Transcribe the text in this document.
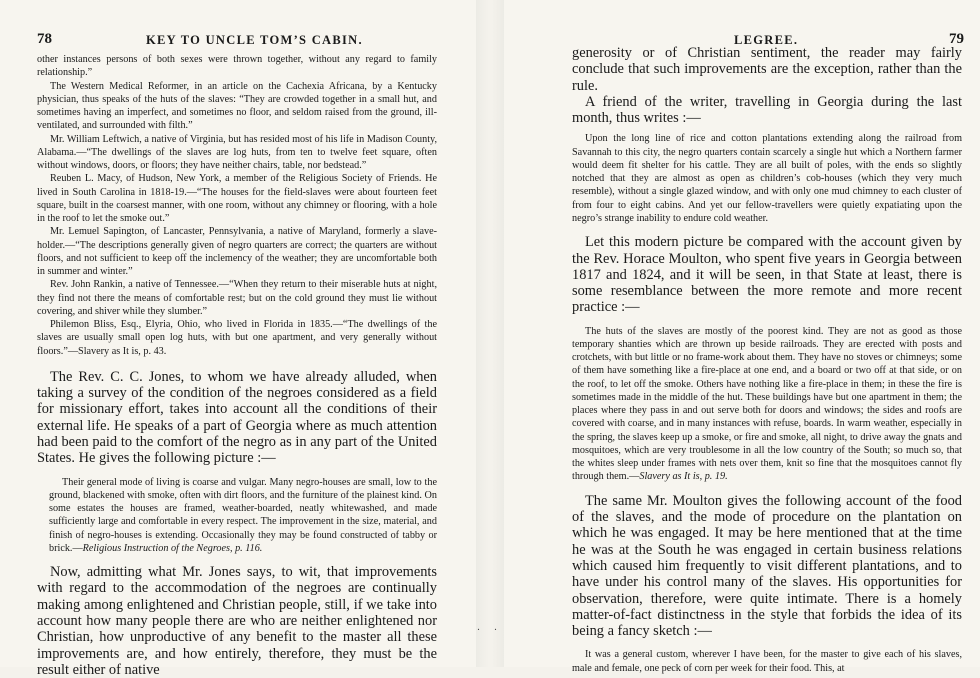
78	KEY TO UNCLE TOM’S CABIN.

other instances persons of both sexes were thrown together, without any regard to family relationship.”

The Western Medical Reformer, in an article on the Cachexia Africana, by a Kentucky physician, thus speaks of the huts of the slaves: “They are crowded together in a small hut, and sometimes having an imperfect, and sometimes no floor, and seldom raised from the ground, ill-ventilated, and surrounded with filth.”

Mr. William Leftwich, a native of Virginia, but has resided most of his life in Madison County, Alabama.—“The dwellings of the slaves are log huts, from ten to twelve feet square, often without windows, doors, or floors; they have neither chairs, table, nor bedstead.”

Reuben L. Macy, of Hudson, New York, a member of the Religious Society of Friends. He lived in South Carolina in 1818-19.—“The houses for the field-slaves were about fourteen feet square, built in the coarsest manner, with one room, without any chimney or flooring, with a hole in the roof to let the smoke out.”

Mr. Lemuel Sapington, of Lancaster, Pennsylvania, a native of Maryland, formerly a slave-holder.—“The descriptions generally given of negro quarters are correct; the quarters are without floors, and not sufficient to keep off the inclemency of the weather; they are uncomfortable both in summer and winter.”

Rev. John Rankin, a native of Tennessee.—“When they return to their miserable huts at night, they find not there the means of comfortable rest; but on the cold ground they must lie without covering, and shiver while they slumber.”

Philemon Bliss, Esq., Elyria, Ohio, who lived in Florida in 1835.—“The dwellings of the slaves are usually small open log huts, with but one apartment, and very generally without floors.”—Slavery as It is, p. 43.

The Rev. C. C. Jones, to whom we have already alluded, when taking a survey of the condition of the negroes considered as a field for missionary effort, takes into account all the conditions of their external life. He speaks of a part of Georgia where as much attention had been paid to the comfort of the negro as in any part of the United States. He gives the following picture :—

Their general mode of living is coarse and vulgar. Many negro-houses are small, low to the ground, blackened with smoke, often with dirt floors, and the furniture of the plainest kind. On some estates the houses are framed, weather-boarded, neatly whitewashed, and made sufficiently large and comfortable in every respect. The improvement in the size, material, and finish of negro-houses is extending. Occasionally they may be found constructed of tabby or brick.—Religious Instruction of the Negroes, p. 116.

Now, admitting what Mr. Jones says, to wit, that improvements with regard to the accommodation of the negroes are continually making among enlightened and Christian people, still, if we take into account how many people there are who are neither enlightened nor Christian, how unproductive of any benefit to the master all these improvements are, and how entirely, therefore, they must be the result either of native

. .
LEGREE.	79

generosity or of Christian sentiment, the reader may fairly conclude that such improvements are the exception, rather than the rule.

A friend of the writer, travelling in Georgia during the last month, thus writes :—

Upon the long line of rice and cotton plantations extending along the railroad from Savannah to this city, the negro quarters contain scarcely a single hut which a Northern farmer would deem fit shelter for his cattle. They are all built of poles, with the ends so slightly notched that they are almost as open as children’s cob-houses (which they very much resemble), without a single glazed window, and with only one mud chimney to each cluster of from four to eight cabins. And yet our fellow-travellers were quietly expatiating upon the negro’s strange inability to endure cold weather.

Let this modern picture be compared with the account given by the Rev. Horace Moulton, who spent five years in Georgia between 1817 and 1824, and it will be seen, in that State at least, there is some resemblance between the more remote and more recent practice :—

The huts of the slaves are mostly of the poorest kind. They are not as good as those temporary shanties which are thrown up beside railroads. They are erected with posts and crotchets, with but little or no frame-work about them. They have no stoves or chimneys; some of them have something like a fire-place at one end, and a board or two off at that side, or on the roof, to let off the smoke. Others have nothing like a fire-place in them; in these the fire is sometimes made in the middle of the hut. These buildings have but one apartment in them; the places where they pass in and out serve both for doors and windows; the sides and roofs are covered with coarse, and in many instances with refuse, boards. In warm weather, especially in the spring, the slaves keep up a smoke, or fire and smoke, all night, to drive away the gnats and mosquitoes, which are very troublesome in all the low country of the South; so much so, that the whites sleep under frames with nets over them, knit so fine that the mosquitoes cannot fly through them.—Slavery as It is, p. 19.

The same Mr. Moulton gives the following account of the food of the slaves, and the mode of procedure on the plantation on which he was engaged. It may be here mentioned that at the time he was at the South he was engaged in certain business relations which caused him frequently to visit different plantations, and to have under his control many of the slaves. His opportunities for observation, therefore, were quite intimate. There is a homely matter-of-fact distinctness in the style that forbids the idea of its being a fancy sketch :—

It was a general custom, wherever I have been, for the master to give each of his slaves, male and female, one peck of corn per week for their food. This, at
